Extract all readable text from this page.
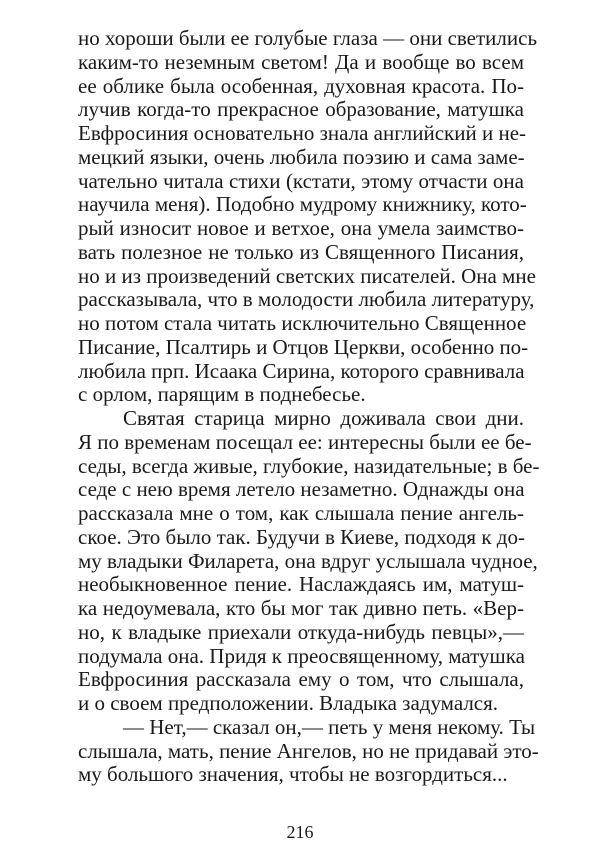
но хороши были ее голубые глаза — они светились
каким-то неземным светом! Да и вообще во всем
ее облике была особенная, духовная красота. По-
лучив когда-то прекрасное образование, матушка
Евфросиния основательно знала английский и не-
мецкий языки, очень любила поэзию и сама заме-
чательно читала стихи (кстати, этому отчасти она
научила меня). Подобно мудрому книжнику, кото-
рый износит новое и ветхое, она умела заимство-
вать полезное не только из Священного Писания,
но и из произведений светских писателей. Она мне
рассказывала, что в молодости любила литературу,
но потом стала читать исключительно Священное
Писание, Псалтирь и Отцов Церкви, особенно по-
любила прп. Исаака Сирина, которого сравнивала
с орлом, парящим в поднебесье.
Святая старица мирно доживала свои дни.
Я по временам посещал ее: интересны были ее бе-
седы, всегда живые, глубокие, назидательные; в бе-
седе с нею время летело незаметно. Однажды она
рассказала мне о том, как слышала пение ангель-
ское. Это было так. Будучи в Киеве, подходя к до-
му владыки Филарета, она вдруг услышала чудное,
необыкновенное пение. Наслаждаясь им, матуш-
ка недоумевала, кто бы мог так дивно петь. «Вер-
но, к владыке приехали откуда-нибудь певцы»,—
подумала она. Придя к преосвященному, матушка
Евфросиния рассказала ему о том, что слышала,
и о своем предположении. Владыка задумался.
— Нет,— сказал он,— петь у меня некому. Ты
слышала, мать, пение Ангелов, но не придавай это-
му большого значения, чтобы не возгордиться...
216
